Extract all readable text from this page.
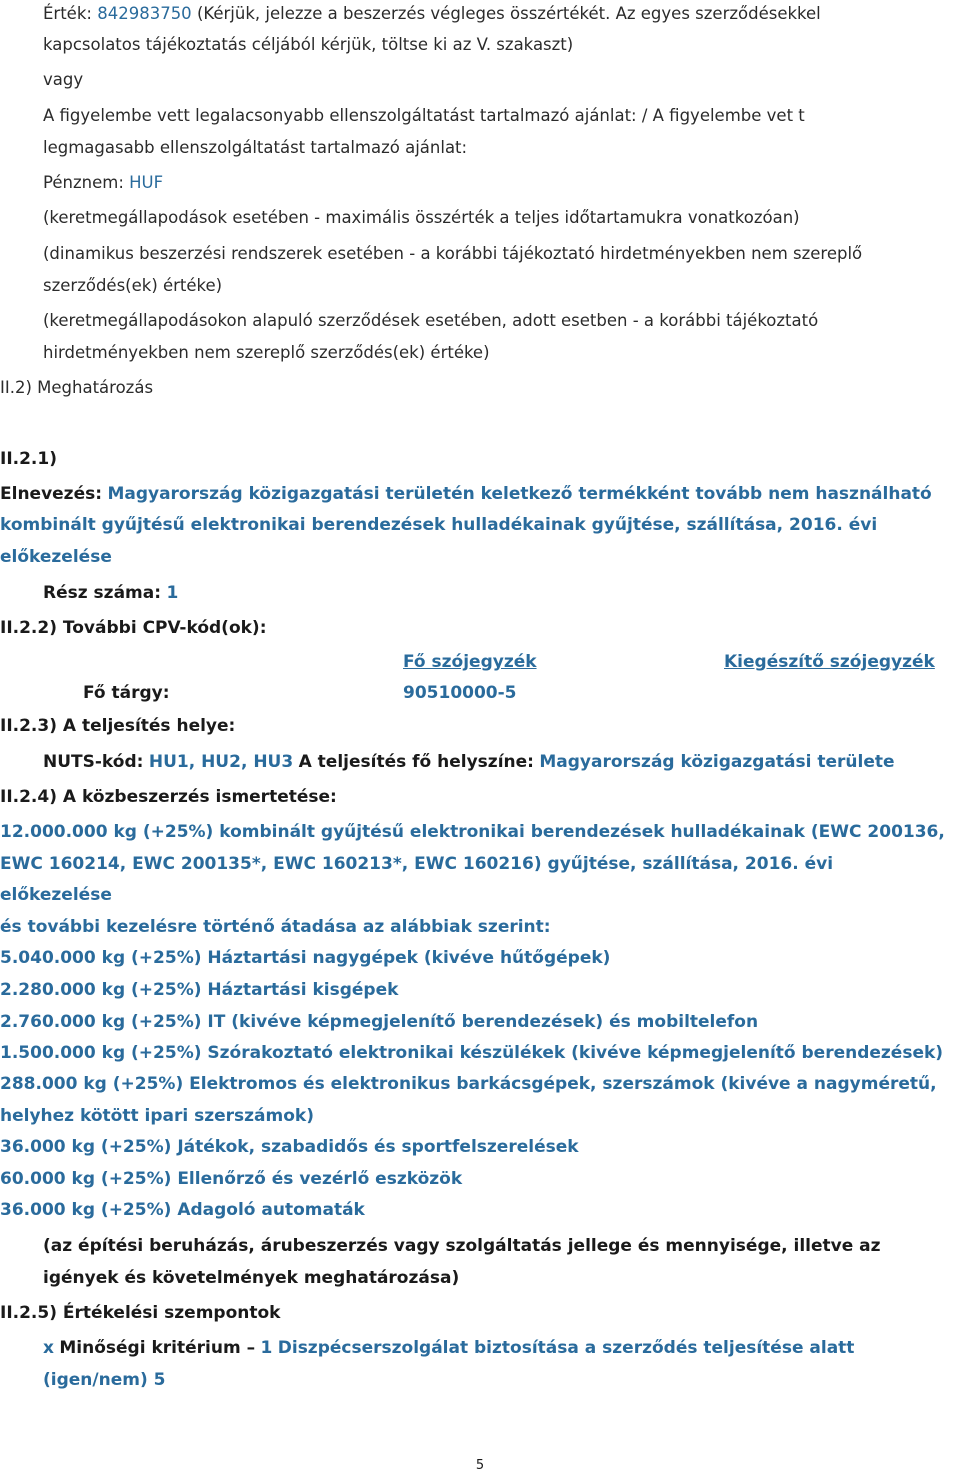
Érték: 842983750 (Kérjük, jelezze a beszerzés végleges összértékét. Az egyes szerződésekkel
kapcsolatos tájékoztatás céljából kérjük, töltse ki az V. szakaszt)
vagy
A figyelembe vett legalacsonyabb ellenszolgáltatást tartalmazó ajánlat: / A figyelembe vet t
legmagasabb ellenszolgáltatást tartalmazó ajánlat:
Pénznem: HUF
(keretmegállapodások esetében - maximális összérték a teljes időtartamukra vonatkozóan)
(dinamikus beszerzési rendszerek esetében - a korábbi tájékoztató hirdetményekben nem szereplő
szerződés(ek) értéke)
(keretmegállapodásokon alapuló szerződések esetében, adott esetben - a korábbi tájékoztató
hirdetményekben nem szereplő szerződés(ek) értéke)
II.2) Meghatározás
II.2.1)
Elnevezés: Magyarország közigazgatási területén keletkező termékként tovább nem használható
kombinált gyűjtésű elektronikai berendezések hulladékainak gyűjtése, szállítása, 2016. évi
előkezelése
Rész száma: 1
II.2.2) További CPV-kód(ok):
Fő szójegyzék	Kiegészítő szójegyzék
Fő tárgy:	90510000-5
II.2.3) A teljesítés helye:
NUTS-kód: HU1, HU2, HU3 A teljesítés fő helyszíne: Magyarország közigazgatási területe
II.2.4) A közbeszerzés ismertetése:
12.000.000 kg (+25%) kombinált gyűjtésű elektronikai berendezések hulladékainak (EWC 200136,
EWC 160214, EWC 200135*, EWC 160213*, EWC 160216) gyűjtése, szállítása, 2016. évi
előkezelése
és további kezelésre történő átadása az alábbiak szerint:
5.040.000 kg (+25%) Háztartási nagygépek (kivéve hűtőgépek)
2.280.000 kg (+25%) Háztartási kisgépek
2.760.000 kg (+25%) IT (kivéve képmegjelenítő berendezések) és mobiltelefon
1.500.000 kg (+25%) Szórakoztató elektronikai készülékek (kivéve képmegjelenítő berendezések)
288.000 kg (+25%) Elektromos és elektronikus barkácsgépek, szerszámok (kivéve a nagyméretű,
helyhez kötött ipari szerszámok)
36.000 kg (+25%) Játékok, szabadidős és sportfelszerelések
60.000 kg (+25%) Ellenőrző és vezérlő eszközök
36.000 kg (+25%) Adagoló automaták
(az építési beruházás, árubeszerzés vagy szolgáltatás jellege és mennyisége, illetve az
igények és követelmények meghatározása)
II.2.5) Értékelési szempontok
x Minőségi kritérium – 1 Diszpécserszolgálat biztosítása a szerződés teljesítése alatt
(igen/nem) 5
5
